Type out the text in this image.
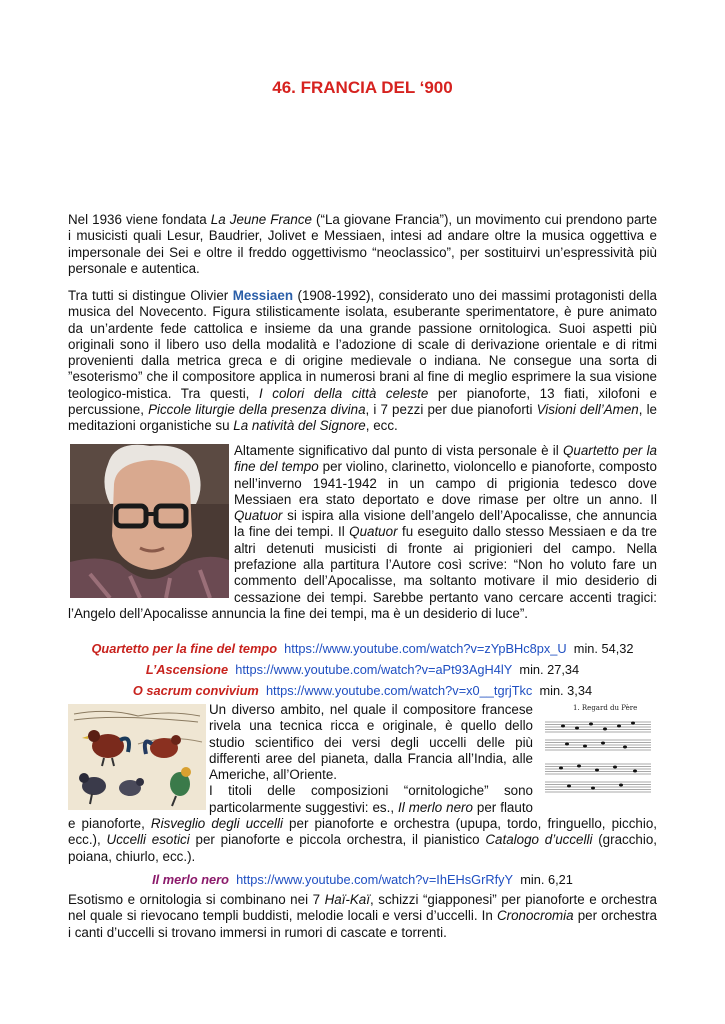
46. FRANCIA DEL ‘900

Nel 1936 viene fondata La Jeune France (“La giovane Francia”), un movimento cui prendono parte i musicisti quali Lesur, Baudrier, Jolivet e Messiaen, intesi ad andare oltre la musica oggettiva e impersonale dei Sei e oltre il freddo oggettivismo “neoclassico”, per sostituirvi un’espressività più personale e autentica.

Tra tutti si distingue Olivier Messiaen (1908-1992), considerato uno dei massimi protagonisti della musica del Novecento. Figura stilisticamente isolata, esuberante sperimentatore, è pure animato da un’ardente fede cattolica e insieme da una grande passione ornitologica. Suoi aspetti più originali sono il libero uso della modalità e l’adozione di scale di derivazione orientale e di ritmi provenienti dalla metrica greca e di origine medievale o indiana. Ne consegue una sorta di ”esoterismo” che il compositore applica in numerosi brani al fine di meglio esprimere la sua visione teologico-mistica. Tra questi, I colori della città celeste per pianoforte, 13 fiati, xilofoni e percussione, Piccole liturgie della presenza divina, i 7 pezzi per due pianoforti Visioni dell’Amen, le meditazioni organistiche su La natività del Signore, ecc.

Altamente significativo dal punto di vista personale è il Quartetto per la fine del tempo per violino, clarinetto, violoncello e pianoforte, composto nell’inverno 1941-1942 in un campo di prigionia tedesco dove Messiaen era stato deportato e dove rimase per oltre un anno. Il Quatuor si ispira alla visione dell’angelo dell’Apocalisse, che annuncia la fine dei tempi. Il Quatuor fu eseguito dallo stesso Messiaen e da tre altri detenuti musicisti di fronte ai prigionieri del campo. Nella prefazione alla partitura l’Autore così scrive: “Non ho voluto fare un commento dell’Apocalisse, ma soltanto motivare il mio desiderio di cessazione dei tempi. Sarebbe pertanto vano cercare accenti tragici: l’Angelo dell’Apocalisse annuncia la fine dei tempi, ma è un desiderio di luce”.

Quartetto per la fine del tempo https://www.youtube.com/watch?v=zYpBHc8px_U min. 54,32

L’Ascensione https://www.youtube.com/watch?v=aPt93AgH4lY min. 27,34

O sacrum convivium https://www.youtube.com/watch?v=x0__tgrjTkc min. 3,34

1. Regard du Père

Un diverso ambito, nel quale il compositore francese rivela una tecnica ricca e originale, è quello dello studio scientifico dei versi degli uccelli delle più differenti aree del pianeta, dalla Francia all’India, alle Americhe, all’Oriente.
I titoli delle composizioni “ornitologiche” sono particolarmente suggestivi: es., Il merlo nero per flauto e pianoforte, Risveglio degli uccelli per pianoforte e orchestra (upupa, tordo, fringuello, picchio, ecc.), Uccelli esotici per pianoforte e piccola orchestra, il pianistico Catalogo d’uccelli (gracchio, poiana, chiurlo, ecc.).

Il merlo nero https://www.youtube.com/watch?v=IhEHsGrRfyY min. 6,21

Esotismo e ornitologia si combinano nei 7 Haï-Kaï, schizzi “giapponesi” per pianoforte e orchestra nel quale si rievocano templi buddisti, melodie locali e versi d’uccelli. In Cronocromia per orchestra i canti d’uccelli si trovano immersi in rumori di cascate e torrenti.
